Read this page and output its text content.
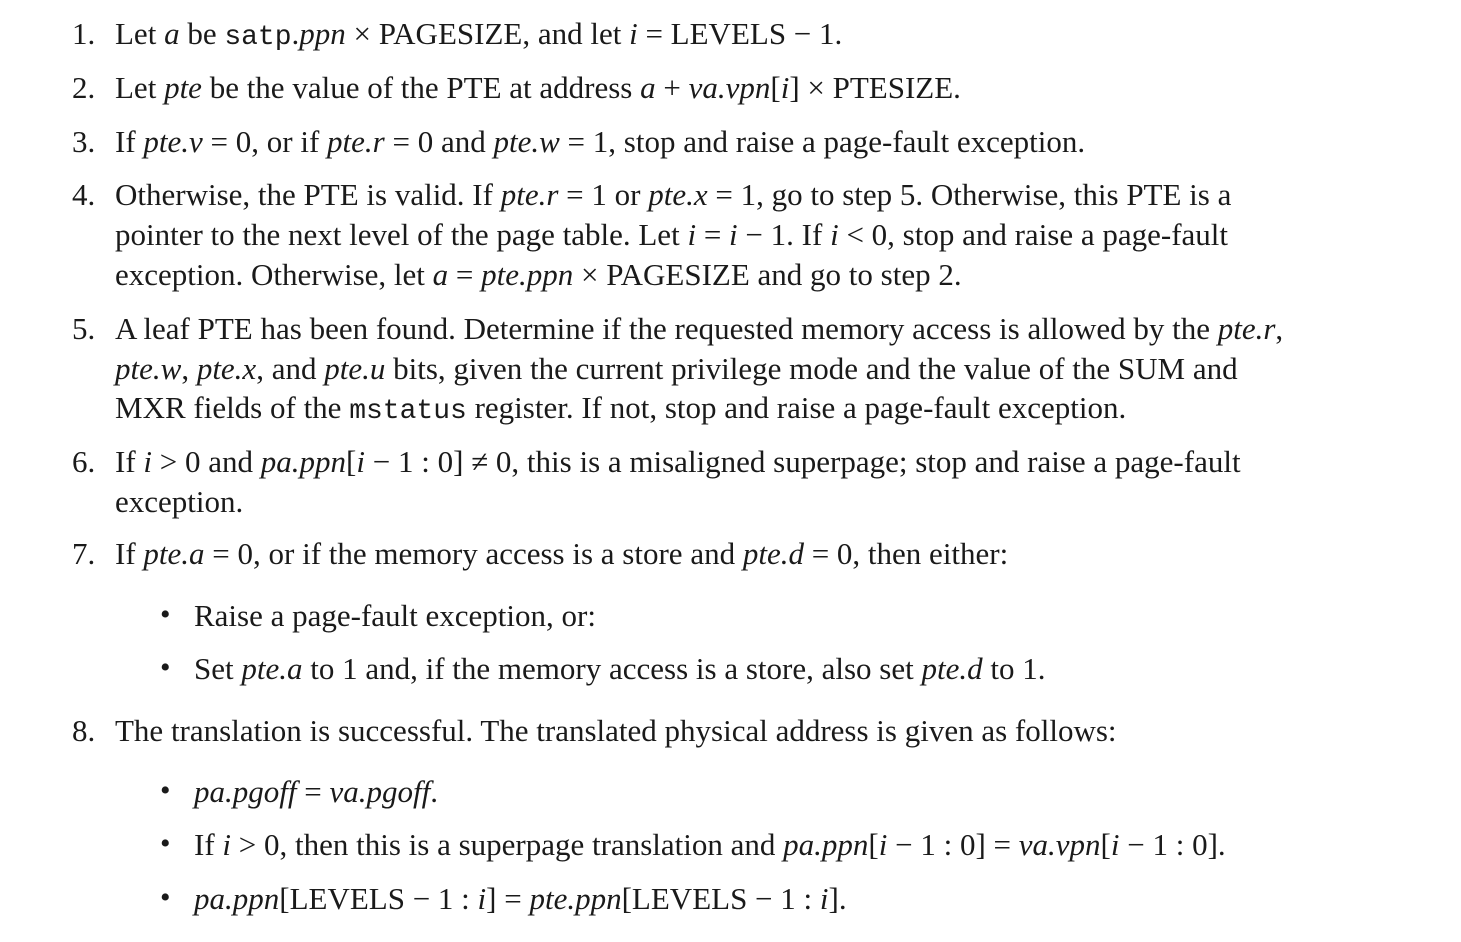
1. Let a be satp.ppn × PAGESIZE, and let i = LEVELS − 1.
2. Let pte be the value of the PTE at address a + va.vpn[i] × PTESIZE.
3. If pte.v = 0, or if pte.r = 0 and pte.w = 1, stop and raise a page-fault exception.
4. Otherwise, the PTE is valid. If pte.r = 1 or pte.x = 1, go to step 5. Otherwise, this PTE is a
pointer to the next level of the page table. Let i = i − 1. If i < 0, stop and raise a page-fault
exception. Otherwise, let a = pte.ppn × PAGESIZE and go to step 2.
5. A leaf PTE has been found. Determine if the requested memory access is allowed by the pte.r,
pte.w, pte.x, and pte.u bits, given the current privilege mode and the value of the SUM and
MXR fields of the mstatus register. If not, stop and raise a page-fault exception.
6. If i > 0 and pa.ppn[i − 1 : 0] ≠ 0, this is a misaligned superpage; stop and raise a page-fault
exception.
7. If pte.a = 0, or if the memory access is a store and pte.d = 0, then either:
• Raise a page-fault exception, or:
• Set pte.a to 1 and, if the memory access is a store, also set pte.d to 1.
8. The translation is successful. The translated physical address is given as follows:
• pa.pgoff = va.pgoff.
• If i > 0, then this is a superpage translation and pa.ppn[i − 1 : 0] = va.vpn[i − 1 : 0].
• pa.ppn[LEVELS − 1 : i] = pte.ppn[LEVELS − 1 : i].
